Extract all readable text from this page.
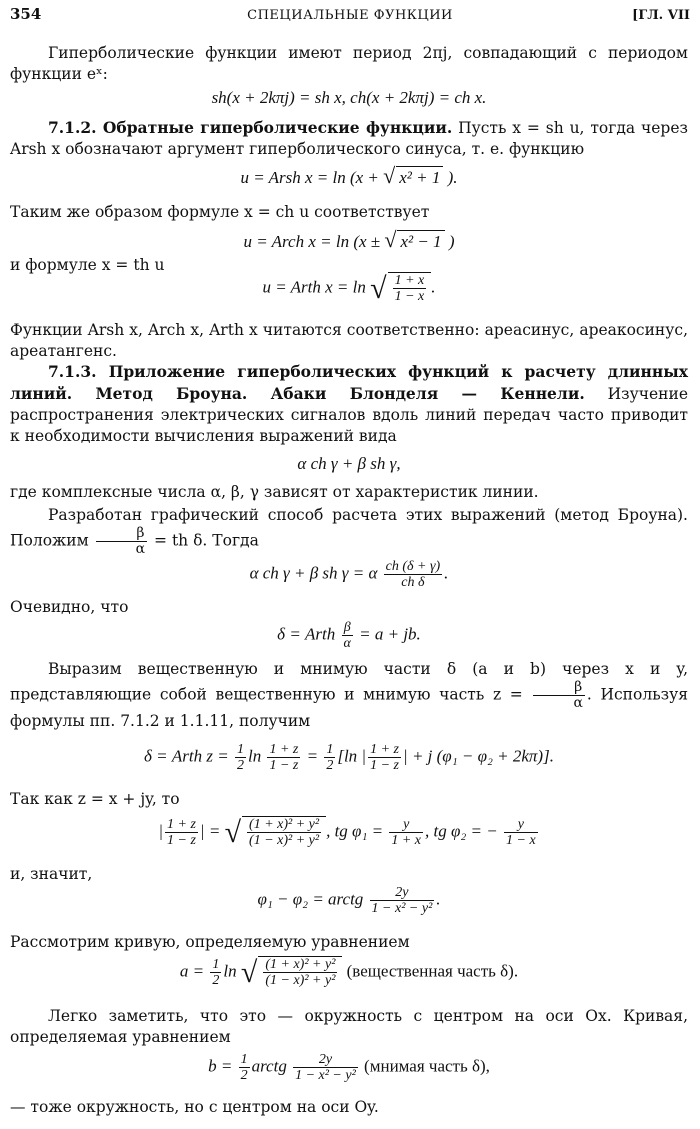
354	СПЕЦИАЛЬНЫЕ ФУНКЦИИ	[ГЛ. VII
Гиперболические функции имеют период 2πj, совпадающий с периодом функции eˣ:
sh(x + 2kπj) = sh x, ch(x + 2kπj) = ch x.
7.1.2. Обратные гиперболические функции. Пусть x = sh u, тогда через Arsh x обозначают аргумент гиперболического синуса, т. е. функцию
u = Arsh x = ln (x + √ x² + 1 ).
Таким же образом формуле x = ch u соответствует
u = Arch x = ln (x ± √ x² − 1 )
и формуле x = th u
u = Arth x = ln √ $\frac{1 + x}{1 - x}$ .
Функции Arsh x, Arch x, Arth x читаются соответственно: ареасинус, ареакосинус, ареатангенс.
7.1.3. Приложение гиперболических функций к расчету длинных линий. Метод Броуна. Абаки Блонделя — Кеннели. Изучение распространения электрических сигналов вдоль линий передач часто приводит к необходимости вычисления выражений вида
α ch γ + β sh γ,
где комплексные числа α, β, γ зависят от характеристик линии.
Разработан графический способ расчета этих выражений (метод Броуна). Положим $\frac{\beta}{\alpha}$ = th δ. Тогда
α ch γ + β sh γ = α $\frac{ch (\delta + \gamma)}{\text{ch δ}}$ .
Очевидно, что
δ = Arth $\frac{\beta}{\alpha} = a$ + jb.
Выразим вещественную и мнимую части δ (a и b) через x и y, представляющие собой вещественную и мнимую часть $z = \frac{\beta}{\alpha}$ . Используя формулы пп. 7.1.2 и 1.1.11, получим
δ = Arth $z = \frac{1}{2}$ $\ln \frac{1 + z}{1 - z} = \frac{1}{2} [\ln$ | $\frac{1 + z}{1 - z}$ | + j (φ₁ − φ₂ + 2kπ)].
Так как z = x + jy, то
| $\frac{1 + z}{1 - z}$ | = √ $\frac{\text{(1 + x)² + y²}}{\text{(1 − x)² + y²}}$ , tg $\varphi_1 = \frac{y}{1 + x}$ , tg φ₂ = − $\frac{y}{1 - x}$
и, значит,
φ₁ − φ₂ = arctg $\frac{2y}{\text{1 − x² − y²}}$ .
Рассмотрим кривую, определяемую уравнением
$a = \frac{1}{2}$ ln √ $\frac{\text{(1 + x)² + y²}}{\text{(1 − x)² + y²}}$ (вещественная часть δ).
Легко заметить, что это — окружность с центром на оси Ox. Кривая, определяемая уравнением
$b = \frac{1}{2}$ arctg $\frac{2y}{\text{1 − x² − y²}}$ (мнимая часть δ),
— тоже окружность, но с центром на оси Oy.
